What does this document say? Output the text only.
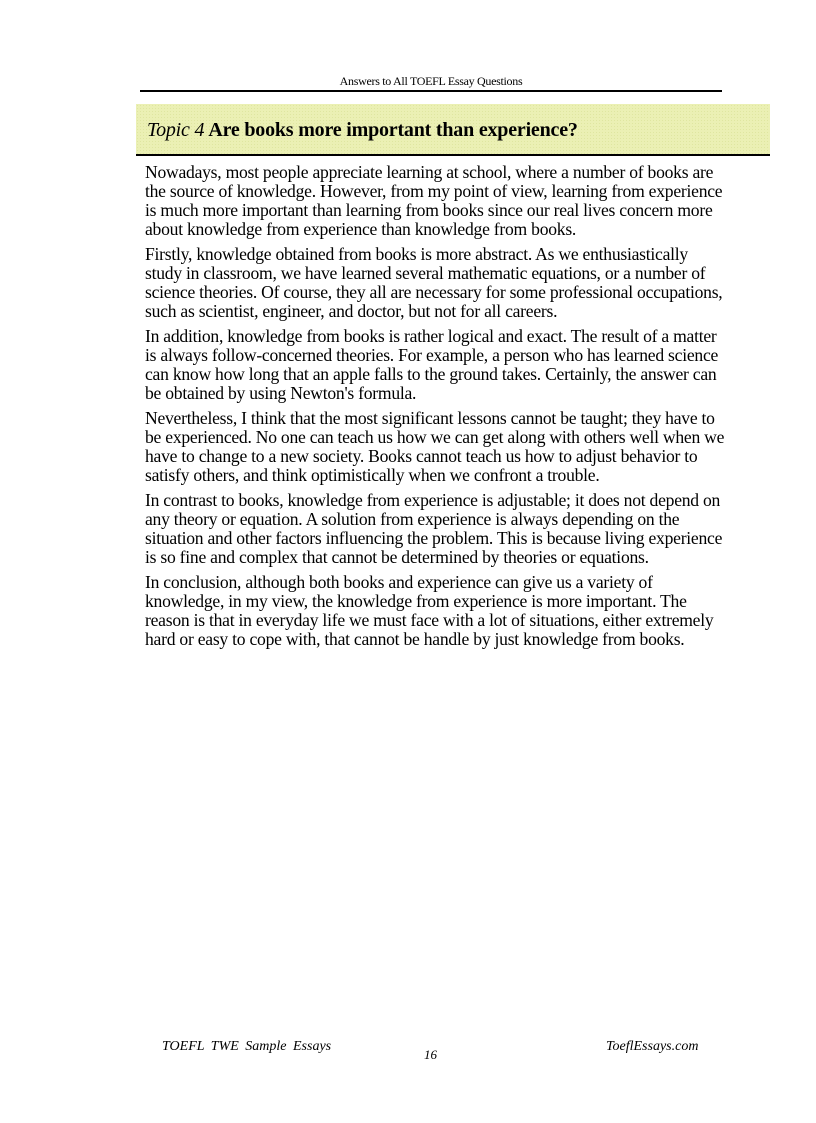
Answers to All TOEFL Essay Questions
Topic 4 Are books more important than experience?

Nowadays, most people appreciate learning at school, where a number of books are the source of knowledge. However, from my point of view, learning from experience is much more important than learning from books since our real lives concern more about knowledge from experience than knowledge from books.

Firstly, knowledge obtained from books is more abstract. As we enthusiastically study in classroom, we have learned several mathematic equations, or a number of science theories. Of course, they all are necessary for some professional occupations, such as scientist, engineer, and doctor, but not for all careers.

In addition, knowledge from books is rather logical and exact. The result of a matter is always follow-concerned theories. For example, a person who has learned science can know how long that an apple falls to the ground takes. Certainly, the answer can be obtained by using Newton's formula.

Nevertheless, I think that the most significant lessons cannot be taught; they have to be experienced. No one can teach us how we can get along with others well when we have to change to a new society. Books cannot teach us how to adjust behavior to satisfy others, and think optimistically when we confront a trouble.

In contrast to books, knowledge from experience is adjustable; it does not depend on any theory or equation. A solution from experience is always depending on the situation and other factors influencing the problem. This is because living experience is so fine and complex that cannot be determined by theories or equations.

In conclusion, although both books and experience can give us a variety of knowledge, in my view, the knowledge from experience is more important. The reason is that in everyday life we must face with a lot of situations, either extremely hard or easy to cope with, that cannot be handle by just knowledge from books.

TOEFL TWE Sample Essays
16
ToeflEssays.com
